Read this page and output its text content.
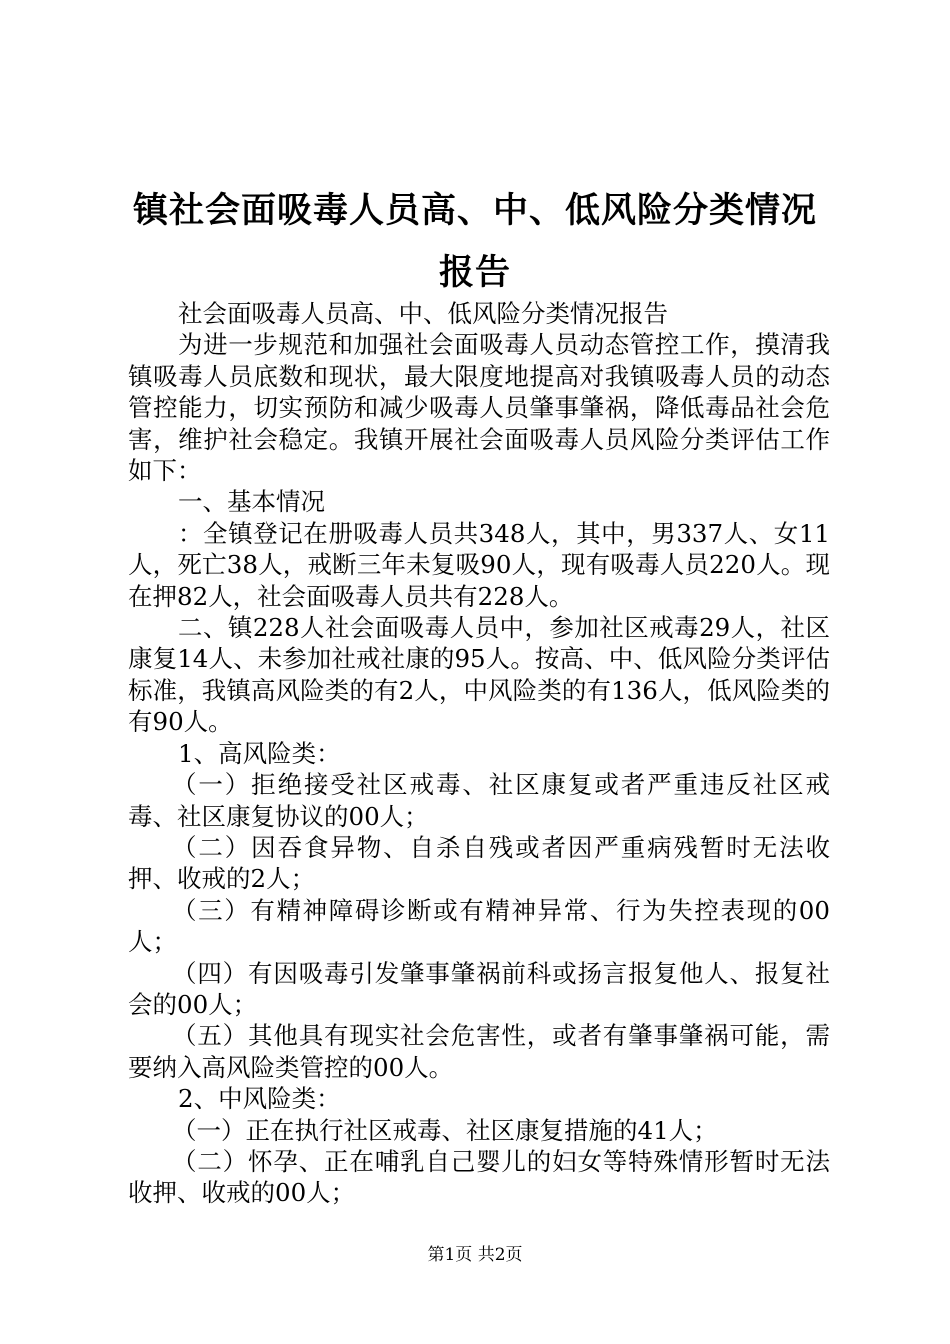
镇社会面吸毒人员高、中、低风险分类情况报告

社会面吸毒人员高、中、低风险分类情况报告

为进一步规范和加强社会面吸毒人员动态管控工作，摸清我镇吸毒人员底数和现状，最大限度地提高对我镇吸毒人员的动态管控能力，切实预防和减少吸毒人员肇事肇祸，降低毒品社会危害，维护社会稳定。我镇开展社会面吸毒人员风险分类评估工作如下：

一、基本情况

：全镇登记在册吸毒人员共348人，其中，男337人、女11人，死亡38人，戒断三年未复吸90人，现有吸毒人员220人。现在押82人，社会面吸毒人员共有228人。

二、镇228人社会面吸毒人员中，参加社区戒毒29人，社区康复14人、未参加社戒社康的95人。按高、中、低风险分类评估标准，我镇高风险类的有2人，中风险类的有136人，低风险类的有90人。

1、高风险类：

（一）拒绝接受社区戒毒、社区康复或者严重违反社区戒毒、社区康复协议的00人；

（二）因吞食异物、自杀自残或者因严重病残暂时无法收押、收戒的2人；

（三）有精神障碍诊断或有精神异常、行为失控表现的00人；

（四）有因吸毒引发肇事肇祸前科或扬言报复他人、报复社会的00人；

（五）其他具有现实社会危害性，或者有肇事肇祸可能，需要纳入高风险类管控的00人。

2、中风险类：

（一）正在执行社区戒毒、社区康复措施的41人；

（二）怀孕、正在哺乳自己婴儿的妇女等特殊情形暂时无法收押、收戒的00人；

第1页 共2页
